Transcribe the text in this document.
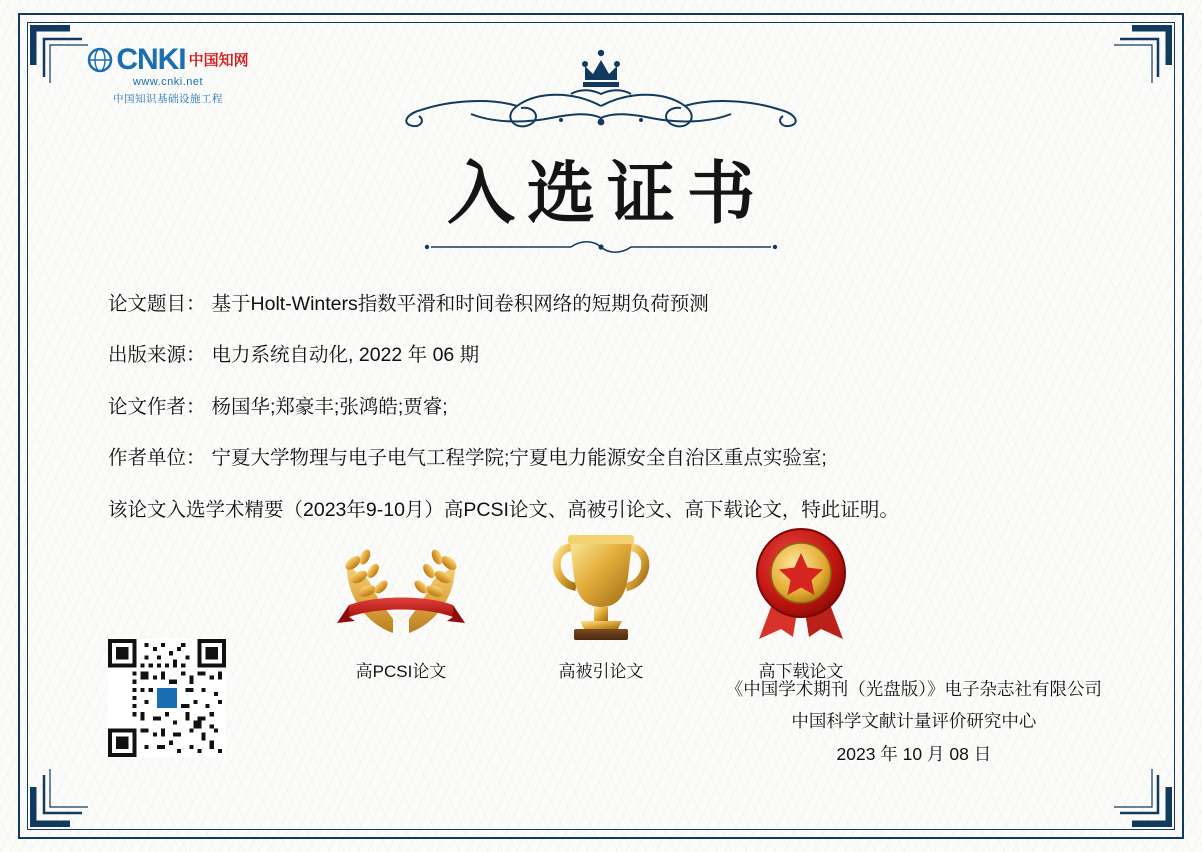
CNKI 中国知网
www.cnki.net
中国知识基础设施工程
入选证书
论文题目： 基于Holt-Winters指数平滑和时间卷积网络的短期负荷预测
出版来源： 电力系统自动化, 2022 年 06 期
论文作者： 杨国华;郑豪丰;张鸿皓;贾睿;
作者单位： 宁夏大学物理与电子电气工程学院;宁夏电力能源安全自治区重点实验室;
该论文入选学术精要（2023年9-10月）高PCSI论文、高被引论文、高下载论文，特此证明。
高PCSI论文	高被引论文	高下载论文
《中国学术期刊（光盘版）》电子杂志社有限公司
中国科学文献计量评价研究中心
2023 年 10 月 08 日
